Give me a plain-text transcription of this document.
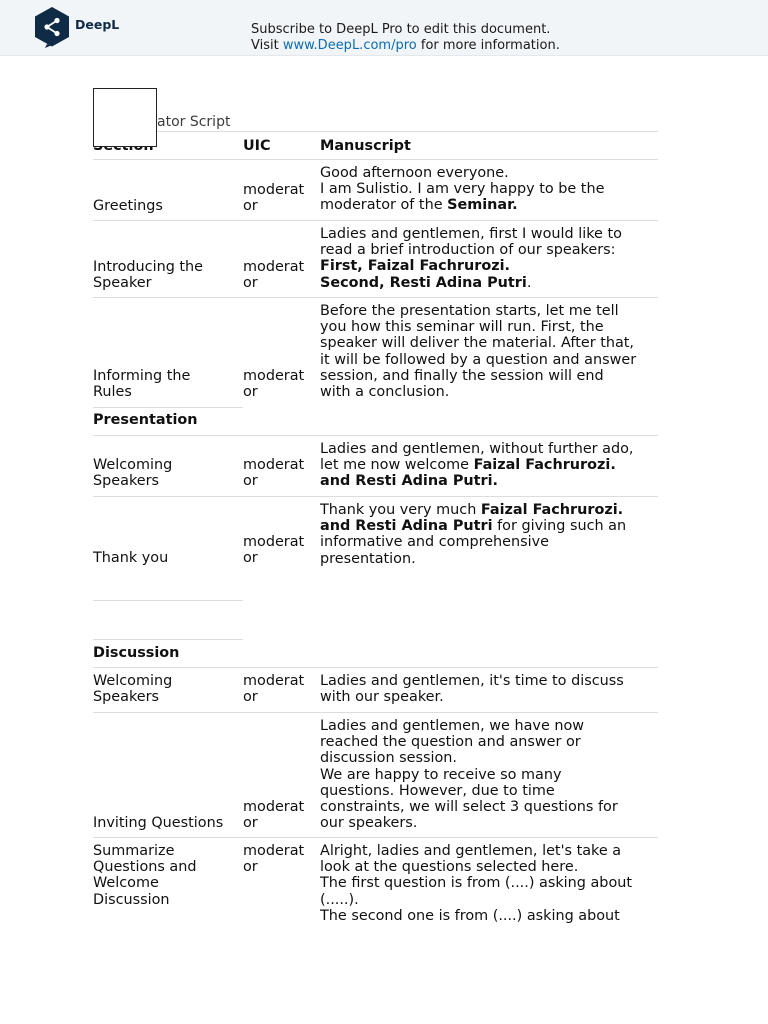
DeepL	Subscribe to DeepL Pro to edit this document.
Visit www.DeepL.com/pro for more information.
ator Script
UIC	Manuscript
Greetings
moderat
or
Good afternoon everyone.
I am Sulistio. I am very happy to be the
moderator of the Seminar.
Introducing the
Speaker
moderat
or
Ladies and gentlemen, first I would like to
read a brief introduction of our speakers:
First, Faizal Fachrurozi.
Second, Resti Adina Putri.
Informing the
Rules
moderat
or
Before the presentation starts, let me tell
you how this seminar will run. First, the
speaker will deliver the material. After that,
it will be followed by a question and answer
session, and finally the session will end
with a conclusion.
Presentation
Welcoming
Speakers
moderat
or
Ladies and gentlemen, without further ado,
let me now welcome Faizal Fachrurozi.
and Resti Adina Putri.
Thank you
moderat
or
Thank you very much Faizal Fachrurozi.
and Resti Adina Putri for giving such an
informative and comprehensive
presentation.
Discussion
Welcoming
Speakers
moderat
or
Ladies and gentlemen, it's time to discuss
with our speaker.
Inviting Questions
moderat
or
Ladies and gentlemen, we have now
reached the question and answer or
discussion session.
We are happy to receive so many
questions. However, due to time
constraints, we will select 3 questions for
our speakers.
Summarize
Questions and
Welcome
Discussion
moderat
or
Alright, ladies and gentlemen, let's take a
look at the questions selected here.
The first question is from (....) asking about
(.....).
The second one is from (....) asking about
